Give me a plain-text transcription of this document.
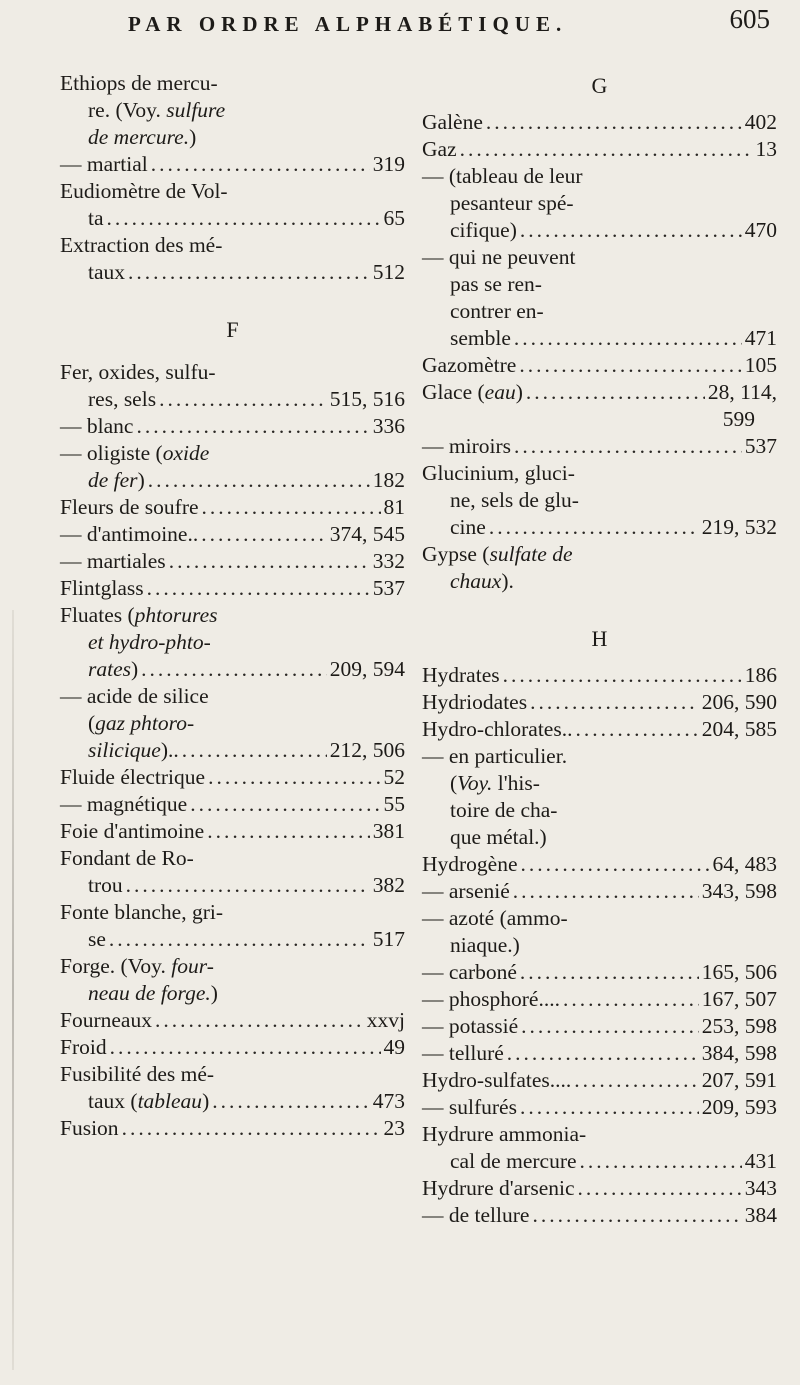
PAR ORDRE ALPHABÉTIQUE.	605
Ethiops de mercu-
re. (Voy. sulfure
de mercure.)
— martial .....	319
Eudiomètre de Vol-
ta .....	65
Extraction des mé-
taux .....	512
F
Fer, oxides, sulfu-
res, sels .....	515, 516
— blanc .....	336
— oligiste (oxide
de fer) .....	182
Fleurs de soufre .....	81
— d'antimoine.. .....	374, 545
— martiales .....	332
Flintglass .....	537
Fluates (phtorures
et hydro-phto-
rates) .....	209, 594
— acide de silice
(gaz phtoro-
silicique).. .....	212, 506
Fluide électrique .....	52
— magnétique .....	55
Foie d'antimoine .....	381
Fondant de Ro-
trou .....	382
Fonte blanche, gri-
se .....	517
Forge. (Voy. four-
neau de forge.)
Fourneaux .....	xxvj
Froid .....	49
Fusibilité des mé-
taux (tableau) .....	473
Fusion .....	23
G
Galène .....	402
Gaz .....	13
— (tableau de leur
pesanteur spé-
cifique) .....	470
— qui ne peuvent
pas se ren-
contrer en-
semble .....	471
Gazomètre .....	105
Glace (eau) .....	28, 114,
599
— miroirs .....	537
Glucinium, gluci-
ne, sels de glu-
cine .....	219, 532
Gypse (sulfate de
chaux).
H
Hydrates .....	186
Hydriodates .....	206, 590
Hydro-chlorates.. .....	204, 585
— en particulier.
(Voy. l'his-
toire de cha-
que métal.)
Hydrogène .....	64, 483
— arsenié .....	343, 598
— azoté (ammo-
niaque.)
— carboné .....	165, 506
— phosphoré.... .....	167, 507
— potassié .....	253, 598
— telluré .....	384, 598
Hydro-sulfates.... .....	207, 591
— sulfurés .....	209, 593
Hydrure ammonia-
cal de mercure .....	431
Hydrure d'arsenic .....	343
— de tellure .....	384
